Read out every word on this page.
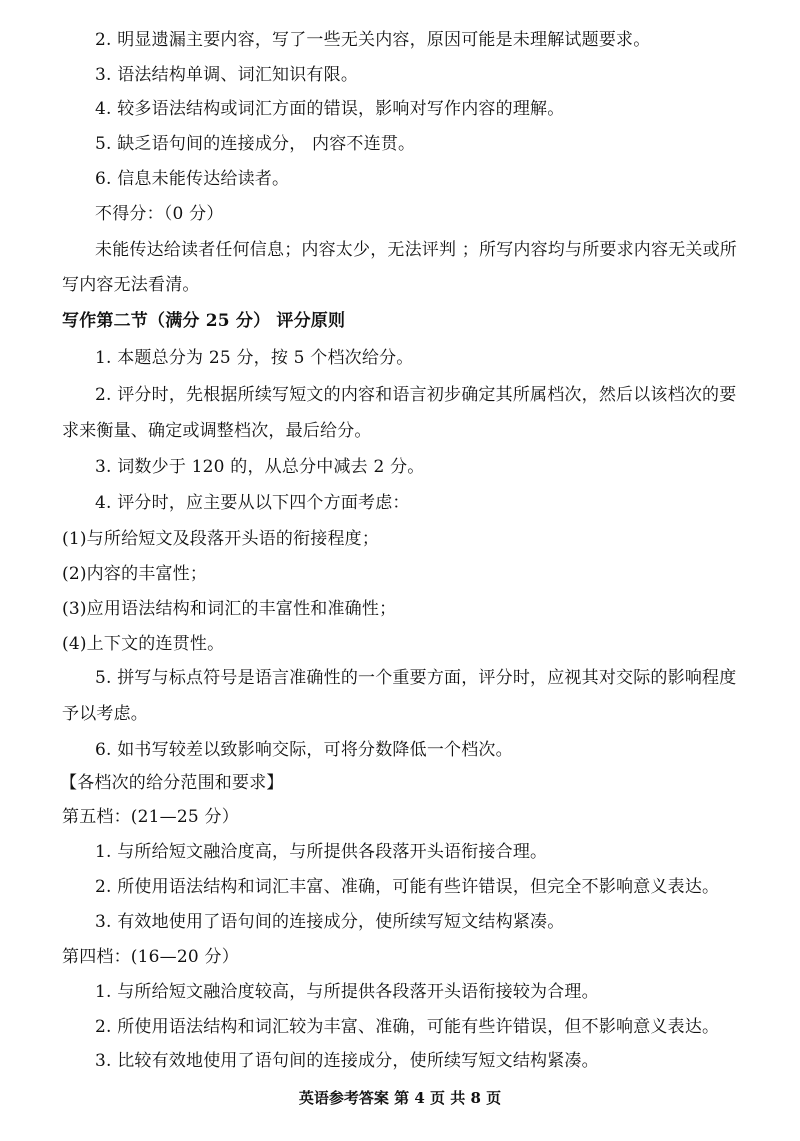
2. 明显遗漏主要内容，写了一些无关内容，原因可能是未理解试题要求。
3. 语法结构单调、词汇知识有限。
4. 较多语法结构或词汇方面的错误，影响对写作内容的理解。
5. 缺乏语句间的连接成分， 内容不连贯。
6. 信息未能传达给读者。
不得分：（0 分）
未能传达给读者任何信息；内容太少，无法评判 ；所写内容均与所要求内容无关或所
写内容无法看清。
写作第二节（满分 25 分） 评分原则
1. 本题总分为 25 分，按 5 个档次给分。
2. 评分时，先根据所续写短文的内容和语言初步确定其所属档次，然后以该档次的要
求来衡量、确定或调整档次，最后给分。
3. 词数少于 120 的，从总分中减去 2 分。
4. 评分时，应主要从以下四个方面考虑：
(1)与所给短文及段落开头语的衔接程度；
(2)内容的丰富性；
(3)应用语法结构和词汇的丰富性和准确性；
(4)上下文的连贯性。
5. 拼写与标点符号是语言准确性的一个重要方面，评分时，应视其对交际的影响程度
予以考虑。
6. 如书写较差以致影响交际，可将分数降低一个档次。
【各档次的给分范围和要求】
第五档：(21—25 分）
1. 与所给短文融洽度高，与所提供各段落开头语衔接合理。
2. 所使用语法结构和词汇丰富、准确，可能有些许错误，但完全不影响意义表达。
3. 有效地使用了语句间的连接成分，使所续写短文结构紧凑。
第四档：(16—20 分）
1. 与所给短文融洽度较高，与所提供各段落开头语衔接较为合理。
2. 所使用语法结构和词汇较为丰富、准确，可能有些许错误，但不影响意义表达。
3. 比较有效地使用了语句间的连接成分，使所续写短文结构紧凑。
英语参考答案 第 4 页 共 8 页
